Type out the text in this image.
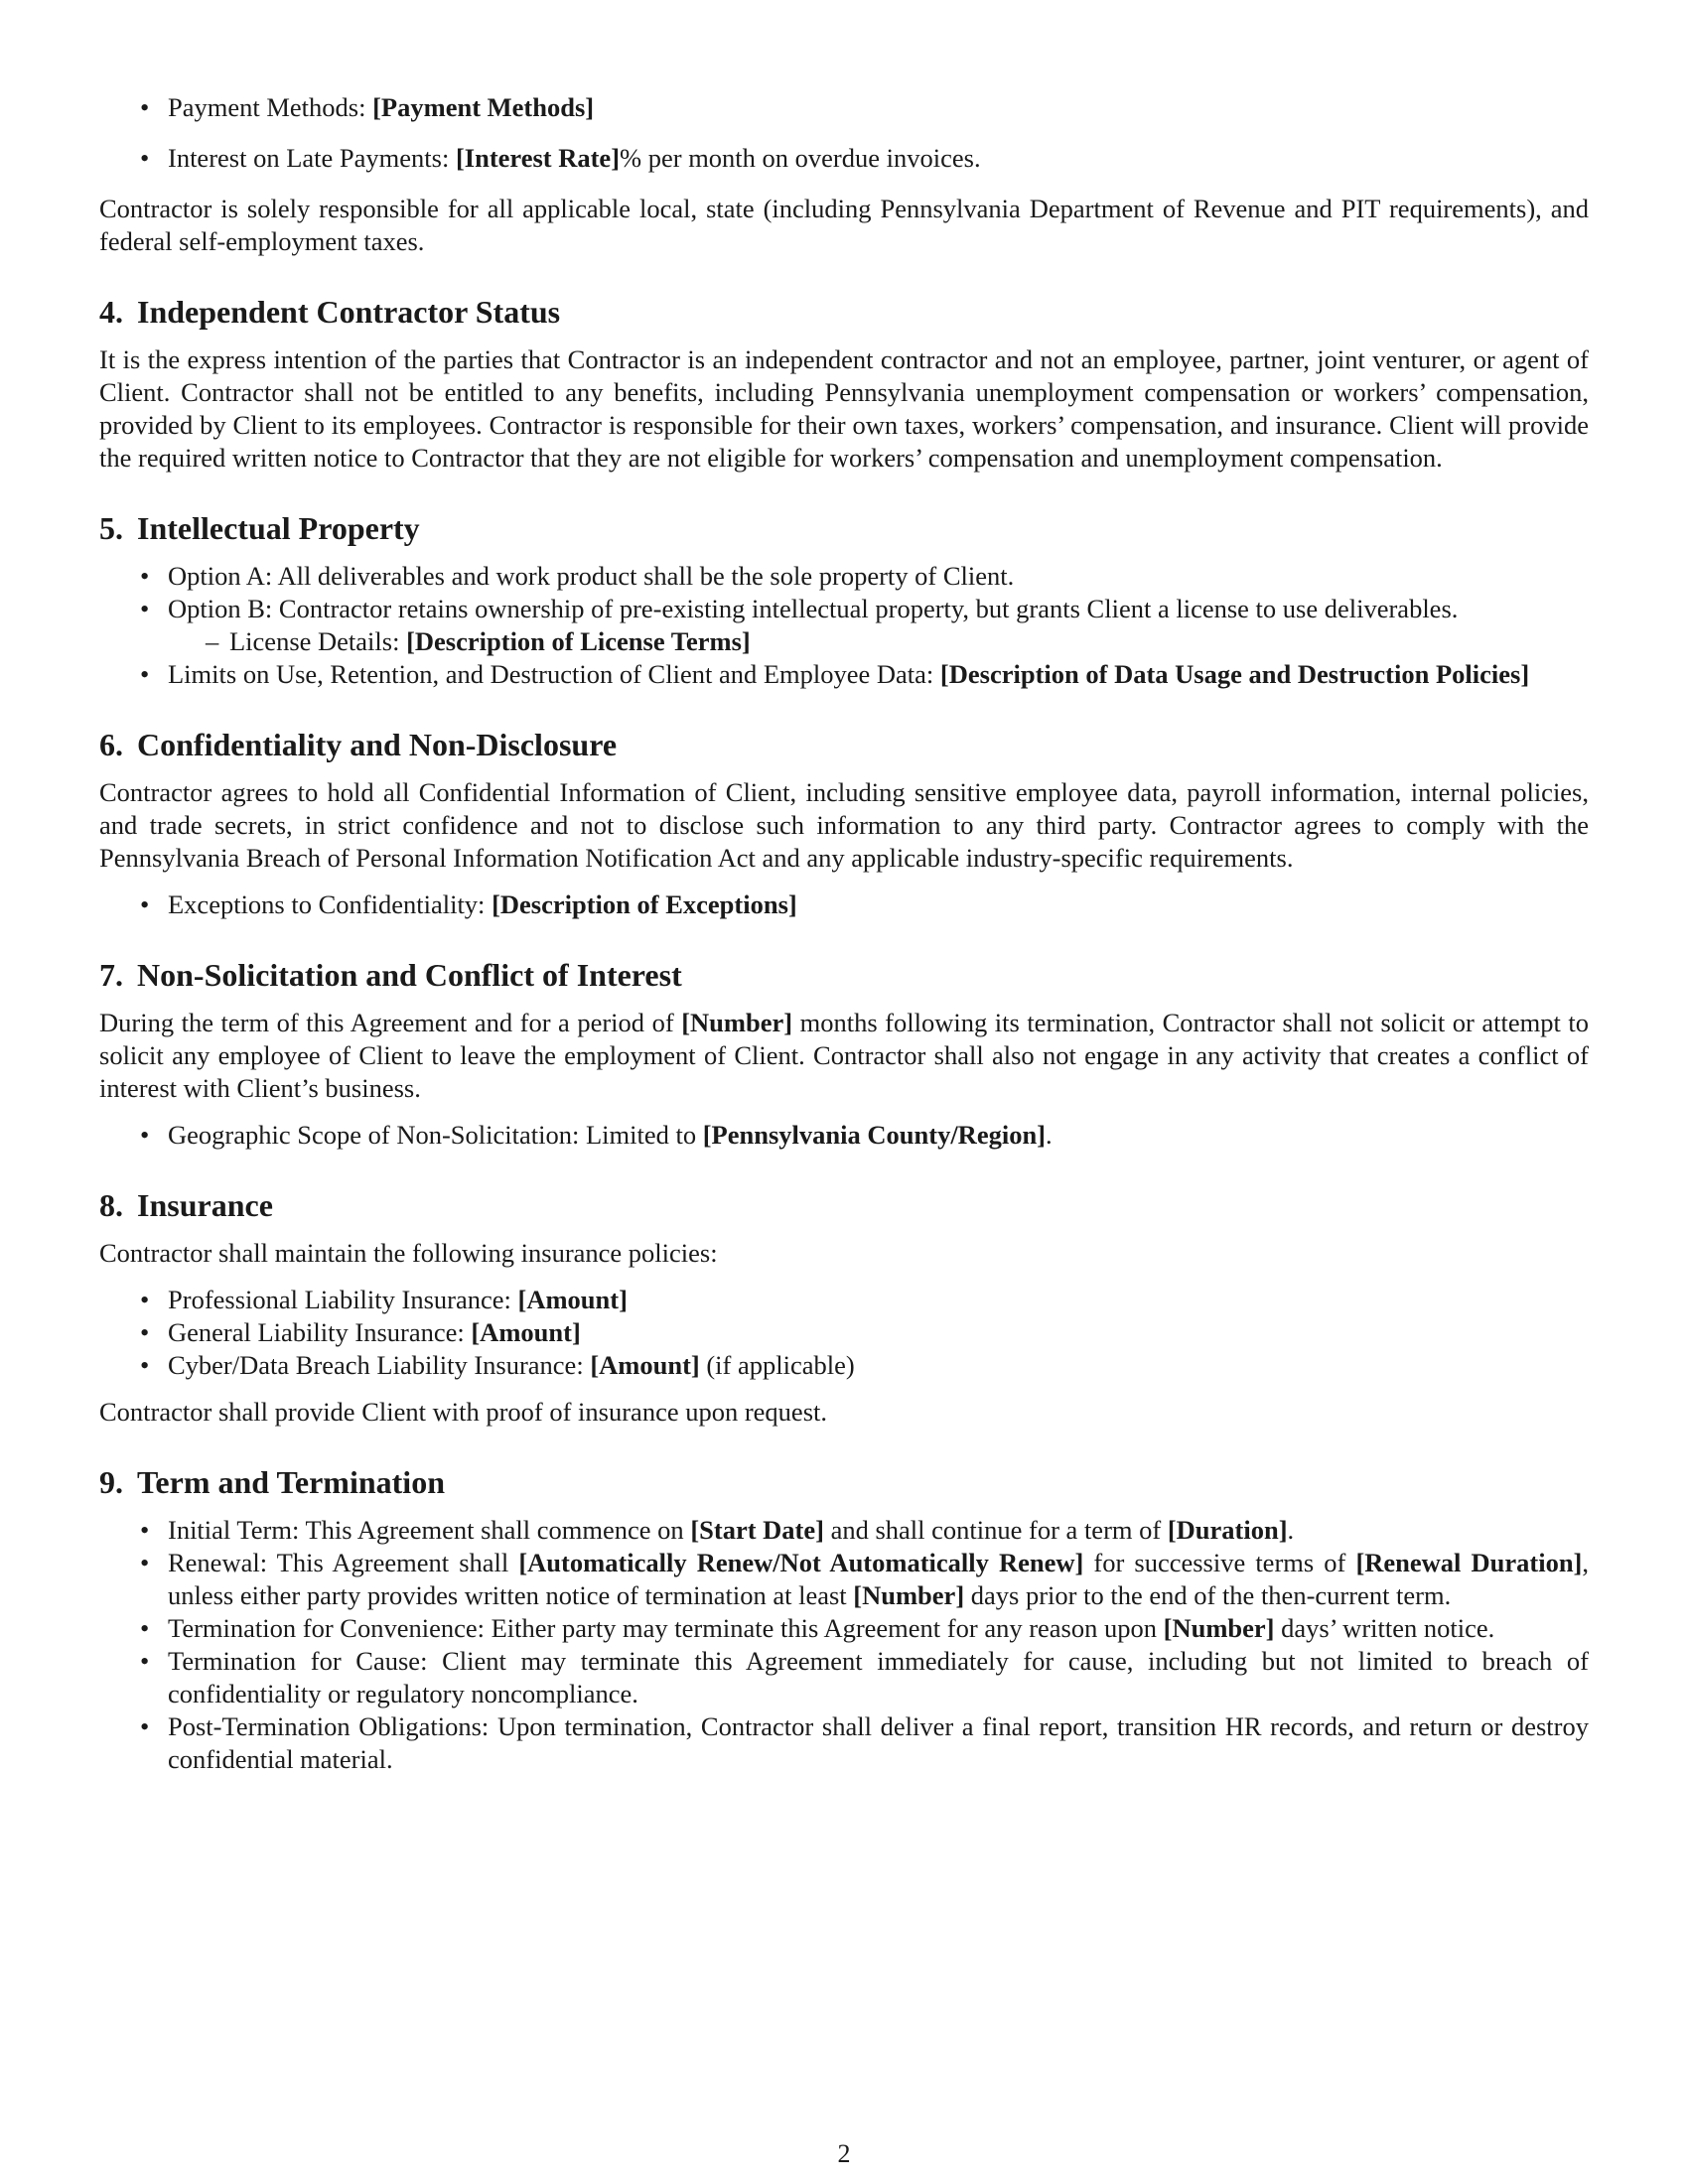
• Payment Methods: [Payment Methods]
• Interest on Late Payments: [Interest Rate]% per month on overdue invoices.

Contractor is solely responsible for all applicable local, state (including Pennsylvania Department of Revenue and PIT requirements), and federal self-employment taxes.

4. Independent Contractor Status

It is the express intention of the parties that Contractor is an independent contractor and not an employee, partner, joint venturer, or agent of Client. Contractor shall not be entitled to any benefits, including Pennsylvania unemployment compensation or workers’ compensation, provided by Client to its employees. Contractor is responsible for their own taxes, workers’ compensation, and insurance. Client will provide the required written notice to Contractor that they are not eligible for workers’ compensation and unemployment compensation.

5. Intellectual Property
• Option A: All deliverables and work product shall be the sole property of Client.
• Option B: Contractor retains ownership of pre-existing intellectual property, but grants Client a license to use deliverables.
– License Details: [Description of License Terms]
• Limits on Use, Retention, and Destruction of Client and Employee Data: [Description of Data Usage and Destruction Policies]
6. Confidentiality and Non-Disclosure

Contractor agrees to hold all Confidential Information of Client, including sensitive employee data, payroll information, internal policies, and trade secrets, in strict confidence and not to disclose such information to any third party. Contractor agrees to comply with the Pennsylvania Breach of Personal Information Notification Act and any applicable industry-specific requirements.

• Exceptions to Confidentiality: [Description of Exceptions]
7. Non-Solicitation and Conflict of Interest

During the term of this Agreement and for a period of [Number] months following its termination, Contractor shall not solicit or attempt to solicit any employee of Client to leave the employment of Client. Contractor shall also not engage in any activity that creates a conflict of interest with Client’s business.

• Geographic Scope of Non-Solicitation: Limited to [Pennsylvania County/Region].
8. Insurance

Contractor shall maintain the following insurance policies:

• Professional Liability Insurance: [Amount]
• General Liability Insurance: [Amount]
• Cyber/Data Breach Liability Insurance: [Amount] (if applicable)

Contractor shall provide Client with proof of insurance upon request.

9. Term and Termination
• Initial Term: This Agreement shall commence on [Start Date] and shall continue for a term of [Duration].
• Renewal: This Agreement shall [Automatically Renew/Not Automatically Renew] for successive terms of [Renewal Duration], unless either party provides written notice of termination at least [Number] days prior to the end of the then-current term.
• Termination for Convenience: Either party may terminate this Agreement for any reason upon [Number] days’ written notice.
• Termination for Cause: Client may terminate this Agreement immediately for cause, including but not limited to breach of confidentiality or regulatory noncompliance.
• Post-Termination Obligations: Upon termination, Contractor shall deliver a final report, transition HR records, and return or destroy confidential material.
2
